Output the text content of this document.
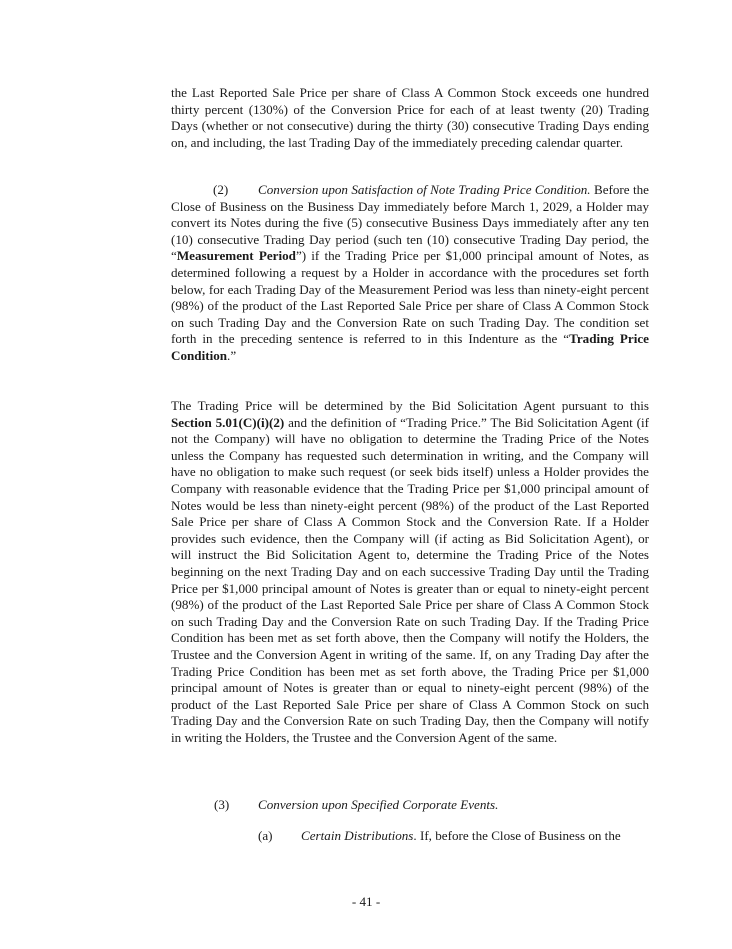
the Last Reported Sale Price per share of Class A Common Stock exceeds one hundred thirty percent (130%) of the Conversion Price for each of at least twenty (20) Trading Days (whether or not consecutive) during the thirty (30) consecutive Trading Days ending on, and including, the last Trading Day of the immediately preceding calendar quarter.

(2) Conversion upon Satisfaction of Note Trading Price Condition. Before the Close of Business on the Business Day immediately before March 1, 2029, a Holder may convert its Notes during the five (5) consecutive Business Days immediately after any ten (10) consecutive Trading Day period (such ten (10) consecutive Trading Day period, the “Measurement Period”) if the Trading Price per $1,000 principal amount of Notes, as determined following a request by a Holder in accordance with the procedures set forth below, for each Trading Day of the Measurement Period was less than ninety-eight percent (98%) of the product of the Last Reported Sale Price per share of Class A Common Stock on such Trading Day and the Conversion Rate on such Trading Day. The condition set forth in the preceding sentence is referred to in this Indenture as the “Trading Price Condition.”

The Trading Price will be determined by the Bid Solicitation Agent pursuant to this Section 5.01(C)(i)(2) and the definition of “Trading Price.” The Bid Solicitation Agent (if not the Company) will have no obligation to determine the Trading Price of the Notes unless the Company has requested such determination in writing, and the Company will have no obligation to make such request (or seek bids itself) unless a Holder provides the Company with reasonable evidence that the Trading Price per $1,000 principal amount of Notes would be less than ninety-eight percent (98%) of the product of the Last Reported Sale Price per share of Class A Common Stock and the Conversion Rate. If a Holder provides such evidence, then the Company will (if acting as Bid Solicitation Agent), or will instruct the Bid Solicitation Agent to, determine the Trading Price of the Notes beginning on the next Trading Day and on each successive Trading Day until the Trading Price per $1,000 principal amount of Notes is greater than or equal to ninety-eight percent (98%) of the product of the Last Reported Sale Price per share of Class A Common Stock on such Trading Day and the Conversion Rate on such Trading Day. If the Trading Price Condition has been met as set forth above, then the Company will notify the Holders, the Trustee and the Conversion Agent in writing of the same. If, on any Trading Day after the Trading Price Condition has been met as set forth above, the Trading Price per $1,000 principal amount of Notes is greater than or equal to ninety-eight percent (98%) of the product of the Last Reported Sale Price per share of Class A Common Stock on such Trading Day and the Conversion Rate on such Trading Day, then the Company will notify in writing the Holders, the Trustee and the Conversion Agent of the same.

(3) Conversion upon Specified Corporate Events.
(a) Certain Distributions. If, before the Close of Business on the
- 41 -
